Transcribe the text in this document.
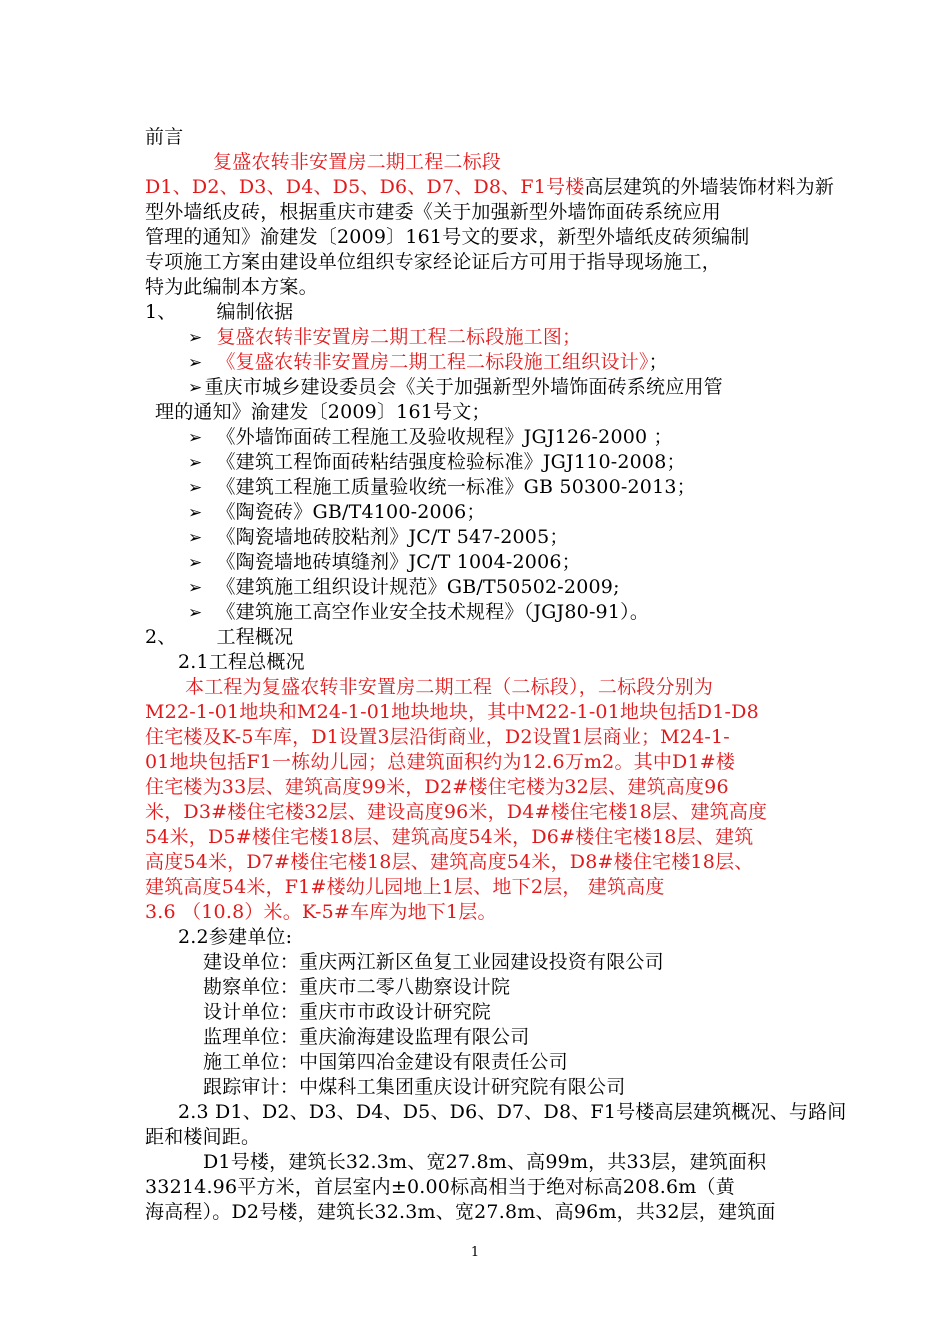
前言
复盛农转非安置房二期工程二标段
D1、D2、D3、D4、D5、D6、D7、D8、F1号楼高层建筑的外墙装饰材料为新
型外墙纸皮砖，根据重庆市建委《关于加强新型外墙饰面砖系统应用
管理的通知》渝建发〔2009〕161号文的要求，新型外墙纸皮砖须编制
专项施工方案由建设单位组织专家经论证后方可用于指导现场施工，
特为此编制本方案。
1、 编制依据
➢ 复盛农转非安置房二期工程二标段施工图；
➢ 《复盛农转非安置房二期工程二标段施工组织设计》；
➢ 重庆市城乡建设委员会《关于加强新型外墙饰面砖系统应用管
理的通知》渝建发〔2009〕161号文；
➢ 《外墙饰面砖工程施工及验收规程》JGJ126-2000 ；
➢ 《建筑工程饰面砖粘结强度检验标准》JGJ110-2008；
➢ 《建筑工程施工质量验收统一标准》GB 50300-2013；
➢ 《陶瓷砖》GB/T4100-2006；
➢ 《陶瓷墙地砖胶粘剂》JC/T 547-2005；
➢ 《陶瓷墙地砖填缝剂》JC/T 1004-2006；
➢ 《建筑施工组织设计规范》GB/T50502-2009;
➢ 《建筑施工高空作业安全技术规程》（JGJ80-91）。
2、 工程概况
2.1工程总概况
本工程为复盛农转非安置房二期工程（二标段），二标段分别为
M22-1-01地块和M24-1-01地块地块，其中M22-1-01地块包括D1-D8
住宅楼及K-5车库，D1设置3层沿街商业，D2设置1层商业；M24-1-
01地块包括F1一栋幼儿园；总建筑面积约为12.6万m2。其中D1#楼
住宅楼为33层、建筑高度99米，D2#楼住宅楼为32层、建筑高度96
米，D3#楼住宅楼32层、建设高度96米，D4#楼住宅楼18层、建筑高度
54米，D5#楼住宅楼18层、建筑高度54米，D6#楼住宅楼18层、建筑
高度54米，D7#楼住宅楼18层、建筑高度54米，D8#楼住宅楼18层、
建筑高度54米，F1#楼幼儿园地上1层、地下2层， 建筑高度
3.6 （10.8）米。K-5#车库为地下1层。
2.2参建单位:
建设单位：重庆两江新区鱼复工业园建设投资有限公司
勘察单位：重庆市二零八勘察设计院
设计单位：重庆市市政设计研究院
监理单位：重庆渝海建设监理有限公司
施工单位：中国第四冶金建设有限责任公司
跟踪审计：中煤科工集团重庆设计研究院有限公司
2.3 D1、D2、D3、D4、D5、D6、D7、D8、F1号楼高层建筑概况、与路间
距和楼间距。
D1号楼，建筑长32.3m、宽27.8m、高99m，共33层，建筑面积
33214.96平方米，首层室内±0.00标高相当于绝对标高208.6m（黄
海高程）。D2号楼，建筑长32.3m、宽27.8m、高96m，共32层，建筑面
1
